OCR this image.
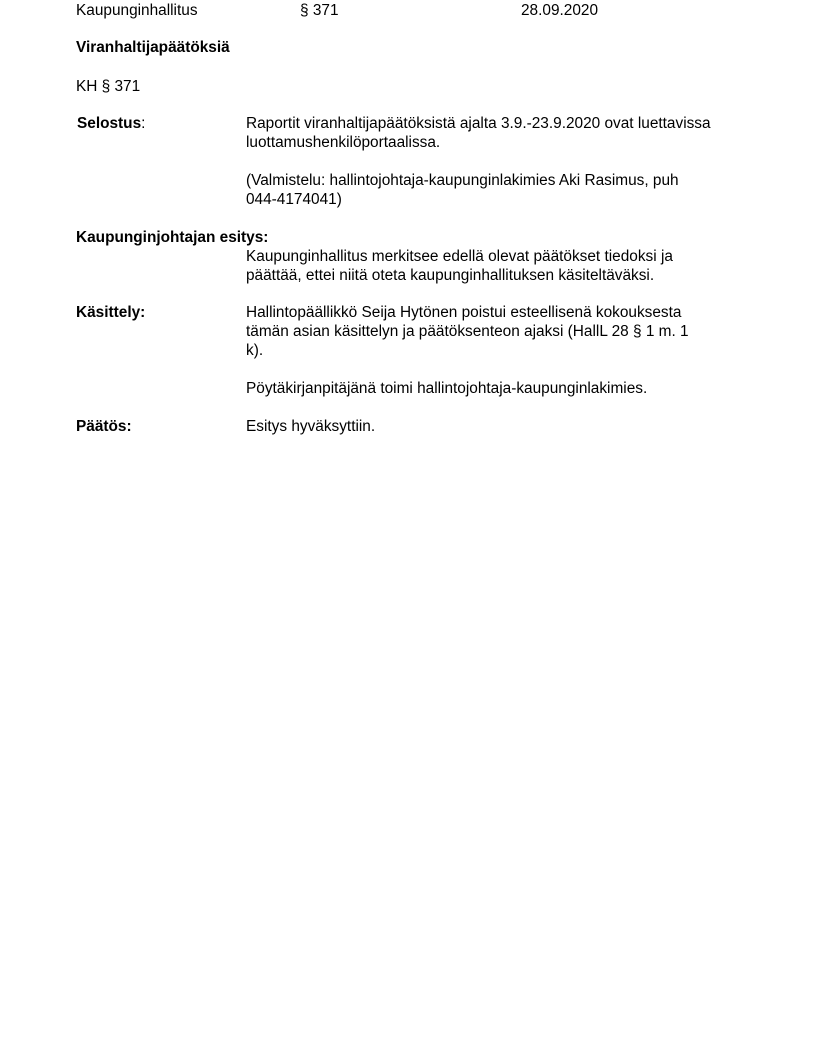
Kaupunginhallitus	§ 371	28.09.2020
Viranhaltijapäätöksiä
KH § 371
Selostus:	Raportit viranhaltijapäätöksistä ajalta 3.9.-23.9.2020 ovat luettavissa

luottamushenkilöportaalissa.

(Valmistelu: hallintojohtaja-kaupunginlakimies Aki Rasimus, puh

044-4174041)

Kaupunginjohtajan esitys:

Kaupunginhallitus merkitsee edellä olevat päätökset tiedoksi ja

päättää, ettei niitä oteta kaupunginhallituksen käsiteltäväksi.

Käsittely:	Hallintopäällikkö Seija Hytönen poistui esteellisenä kokouksesta

tämän asian käsittelyn ja päätöksenteon ajaksi (HallL 28 § 1 m. 1

k).

Pöytäkirjanpitäjänä toimi hallintojohtaja-kaupunginlakimies.
Päätös:	Esitys hyväksyttiin.
